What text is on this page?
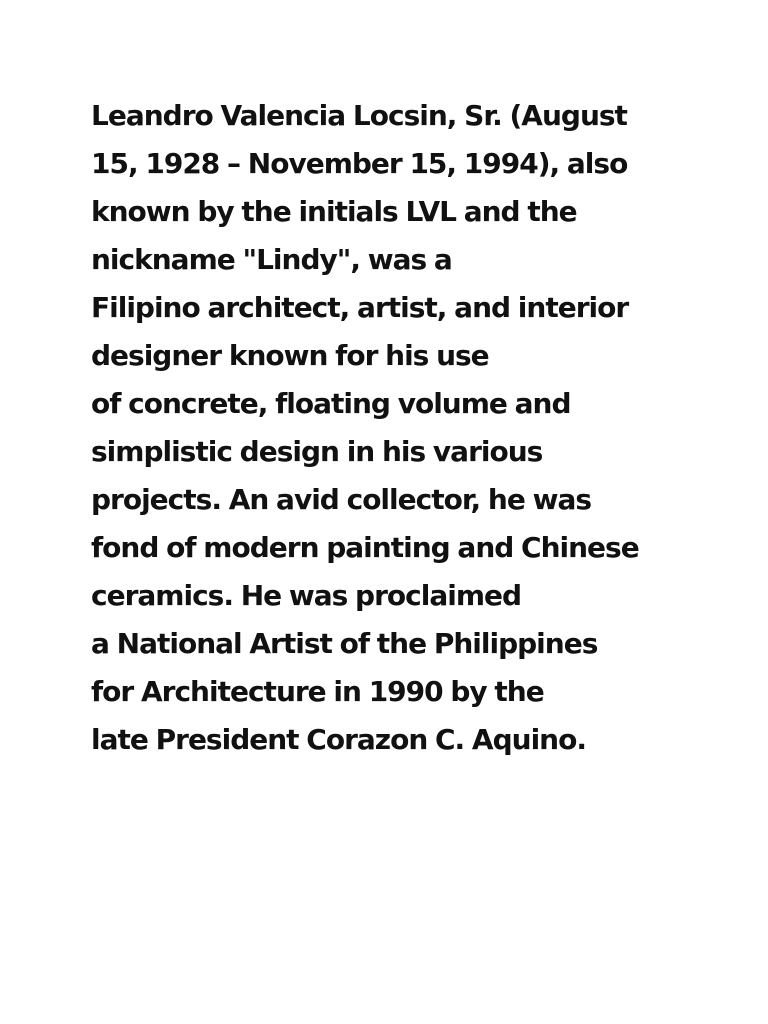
Leandro Valencia Locsin, Sr. (August
15, 1928 – November 15, 1994), also
known by the initials LVL and the
nickname "Lindy", was a
Filipino architect, artist, and interior
designer known for his use
of concrete, floating volume and
simplistic design in his various
projects. An avid collector, he was
fond of modern painting and Chinese
ceramics. He was proclaimed
a National Artist of the Philippines
for Architecture in 1990 by the
late President Corazon C. Aquino.
